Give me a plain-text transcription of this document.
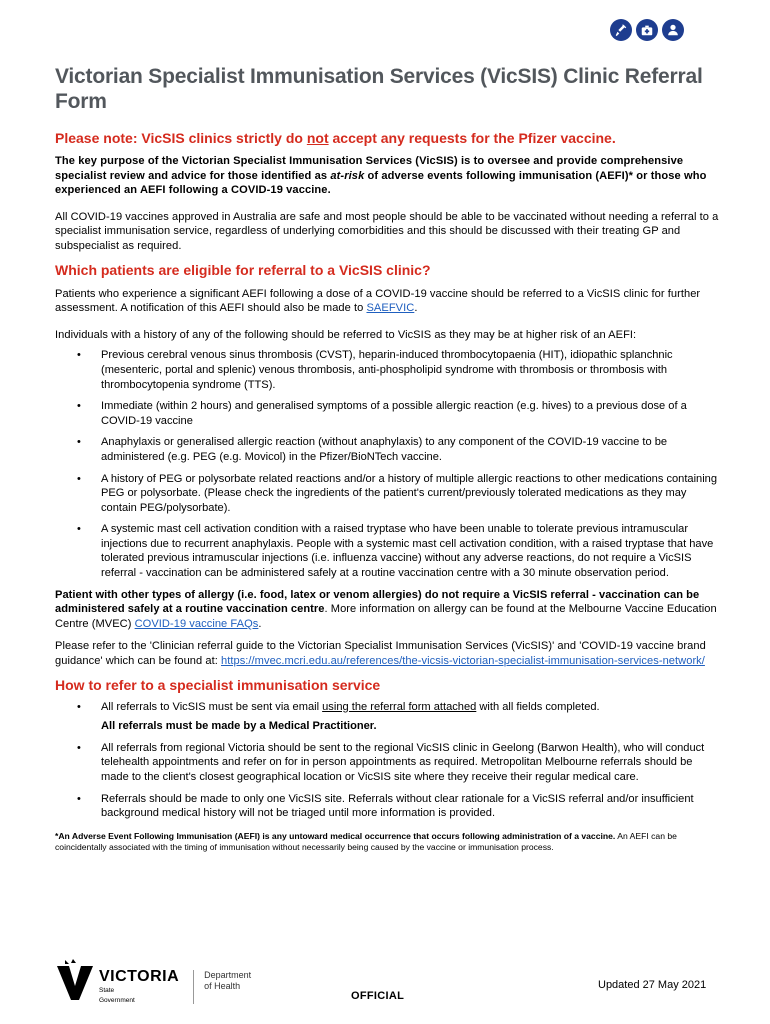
Victorian Specialist Immunisation Services (VicSIS) Clinic Referral Form

Please note: VicSIS clinics strictly do not accept any requests for the Pfizer vaccine.

The key purpose of the Victorian Specialist Immunisation Services (VicSIS) is to oversee and provide comprehensive specialist review and advice for those identified as at-risk of adverse events following immunisation (AEFI)* or those who experienced an AEFI following a COVID-19 vaccine.

All COVID-19 vaccines approved in Australia are safe and most people should be able to be vaccinated without needing a referral to a specialist immunisation service, regardless of underlying comorbidities and this should be discussed with their treating GP and subspecialist as required.

Which patients are eligible for referral to a VicSIS clinic?

Patients who experience a significant AEFI following a dose of a COVID-19 vaccine should be referred to a VicSIS clinic for further assessment. A notification of this AEFI should also be made to SAEFVIC.

Individuals with a history of any of the following should be referred to VicSIS as they may be at higher risk of an AEFI:

• Previous cerebral venous sinus thrombosis (CVST), heparin-induced thrombocytopaenia (HIT), idiopathic splanchnic (mesenteric, portal and splenic) venous thrombosis, anti-phospholipid syndrome with thrombosis or thrombosis with thrombocytopenia syndrome (TTS).
• Immediate (within 2 hours) and generalised symptoms of a possible allergic reaction (e.g. hives) to a previous dose of a COVID-19 vaccine
• Anaphylaxis or generalised allergic reaction (without anaphylaxis) to any component of the COVID-19 vaccine to be administered (e.g. PEG (e.g. Movicol) in the Pfizer/BioNTech vaccine.
• A history of PEG or polysorbate related reactions and/or a history of multiple allergic reactions to other medications containing PEG or polysorbate. (Please check the ingredients of the patient's current/previously tolerated medications as they may contain PEG/polysorbate).
• A systemic mast cell activation condition with a raised tryptase who have been unable to tolerate previous intramuscular injections due to recurrent anaphylaxis. People with a systemic mast cell activation condition, with a raised tryptase that have tolerated previous intramuscular injections (i.e. influenza vaccine) without any adverse reactions, do not require a VicSIS referral - vaccination can be administered safely at a routine vaccination centre with a 30 minute observation period.

Patient with other types of allergy (i.e. food, latex or venom allergies) do not require a VicSIS referral - vaccination can be administered safely at a routine vaccination centre. More information on allergy can be found at the Melbourne Vaccine Education Centre (MVEC) COVID-19 vaccine FAQs.

Please refer to the 'Clinician referral guide to the Victorian Specialist Immunisation Services (VicSIS)' and 'COVID-19 vaccine brand guidance' which can be found at: https://mvec.mcri.edu.au/references/the-vicsis-victorian-specialist-immunisation-services-network/

How to refer to a specialist immunisation service
• All referrals to VicSIS must be sent via email using the referral form attached with all fields completed.
All referrals must be made by a Medical Practitioner.
• All referrals from regional Victoria should be sent to the regional VicSIS clinic in Geelong (Barwon Health), who will conduct telehealth appointments and refer on for in person appointments as required. Metropolitan Melbourne referrals should be made to the client's closest geographical location or VicSIS site where they receive their regular medical care.
• Referrals should be made to only one VicSIS site. Referrals without clear rationale for a VicSIS referral and/or insufficient background medical history will not be triaged until more information is provided.

*An Adverse Event Following Immunisation (AEFI) is any untoward medical occurrence that occurs following administration of a vaccine. An AEFI can be coincidentally associated with the timing of immunisation without necessarily being caused by the vaccine or immunisation process.

VICTORIA
State
Government
Department
of Health	Updated 27 May 2021
OFFICIAL
